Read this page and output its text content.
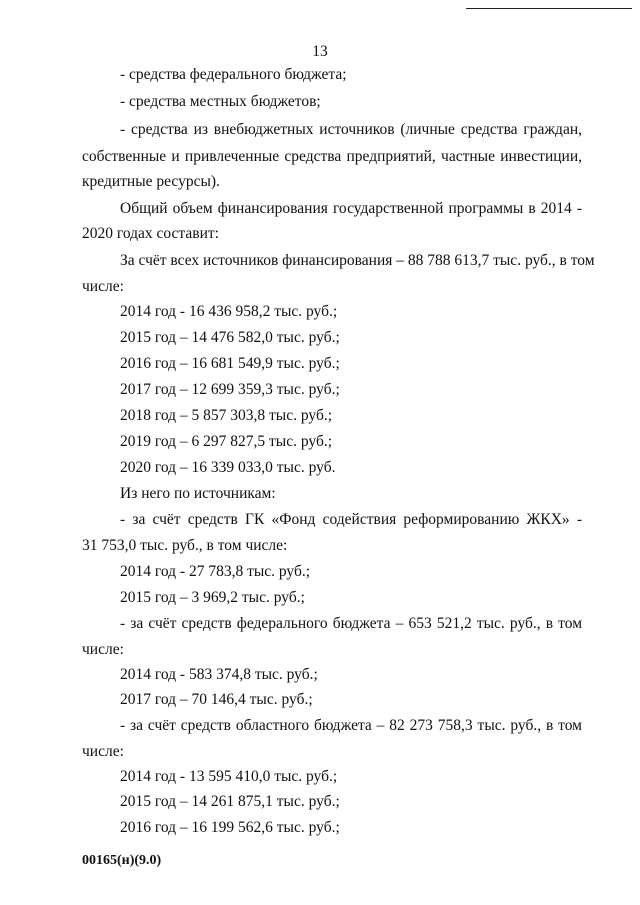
13
- средства федерального бюджета;
- средства местных бюджетов;
- средства из внебюджетных источников (личные средства граждан,
собственные и привлеченные средства предприятий, частные инвестиции,
кредитные ресурсы).
Общий объем финансирования государственной программы в 2014 -
2020 годах составит:
За счёт всех источников финансирования – 88 788 613,7 тыс. руб., в том
числе:
2014 год - 16 436 958,2 тыс. руб.;
2015 год – 14 476 582,0 тыс. руб.;
2016 год – 16 681 549,9 тыс. руб.;
2017 год – 12 699 359,3 тыс. руб.;
2018 год – 5 857 303,8 тыс. руб.;
2019 год – 6 297 827,5 тыс. руб.;
2020 год – 16 339 033,0 тыс. руб.
Из него по источникам:
- за счёт средств ГК «Фонд содействия реформированию ЖКХ» -
31 753,0 тыс. руб., в том числе:
2014 год - 27 783,8 тыс. руб.;
2015 год – 3 969,2 тыс. руб.;
- за счёт средств федерального бюджета – 653 521,2 тыс. руб., в том
числе:
2014 год - 583 374,8 тыс. руб.;
2017 год – 70 146,4 тыс. руб.;
- за счёт средств областного бюджета – 82 273 758,3 тыс. руб., в том
числе:
2014 год - 13 595 410,0 тыс. руб.;
2015 год – 14 261 875,1 тыс. руб.;
2016 год – 16 199 562,6 тыс. руб.;
00165(н)(9.0)
